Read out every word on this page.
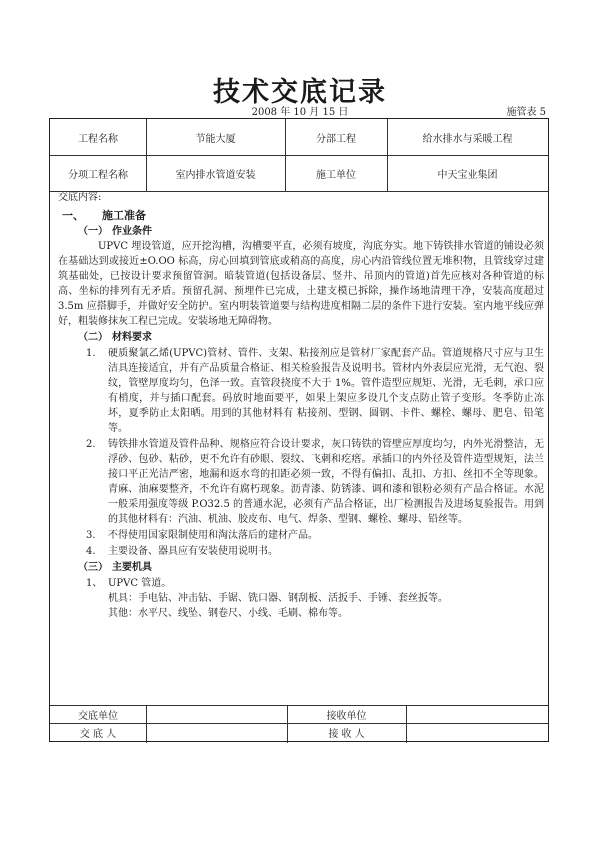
技术交底记录
2008 年 10 月 15 日	施管表 5
工程名称	节能大厦	分部工程	给水排水与采暖工程
分项工程名称	室内排水管道安装	施工单位	中天宝业集团
交底单位	接收单位
交 底 人	接 收 人

交底内容:

一、 施工准备
（一） 作业条件

UPVC 埋设管道，应开挖沟槽，沟槽要平直，必须有坡度，沟底夯实。地下铸铁排水管道的铺设必须在基础达到或接近±O.OO 标高，房心回填到管底或稍高的高度，房心内沿管线位置无堆积物，且管线穿过建筑基础处，已按设计要求预留管洞。暗装管道(包括设备层、竖井、吊顶内的管道)首先应核对各种管道的标高、坐标的排列有无矛盾。预留孔洞、预埋件已完成，土建支模已拆除，操作场地清理干净，安装高度超过 3.5m 应搭脚手，并做好安全防护。室内明装管道要与结构进度相隔二层的条件下进行安装。室内地平线应弹好，粗装修抹灰工程已完成。安装场地无障碍物。

（二） 材料要求
1.	硬质聚氯乙烯(UPVC)管材、管件、支架、粘接剂应是管材厂家配套产品。管道规格尺寸应与卫生洁具连接适宜，并有产品质量合格证、相关检验报告及说明书。管材内外表层应光滑，无气泡、裂纹，管壁厚度均匀，色泽一致。直管段挠度不大于 1%。管件造型应规矩、光滑，无毛刺，承口应有梢度，并与插口配套。码放时地面要平，如果上架应多设几个支点防止管子变形。冬季防止冻坏，夏季防止太阳晒。用到的其他材料有 粘接剂、型钢、圆钢、卡件、螺栓、螺母、肥皂、铅笔等。
2.	铸铁排水管道及管件品种、规格应符合设计要求，灰口铸铁的管壁应厚度均匀，内外光滑整洁，无浮砂、包砂、粘砂，更不允许有砂眼、裂纹、飞刺和疙瘩。承插口的内外径及管件造型规矩，法兰接口平正光洁严密，地漏和返水弯的扣距必须一致，不得有偏扣、乱扣、方扣、丝扣不全等现象。青麻、油麻要整齐，不允许有腐朽现象。沥青漆、防锈漆、调和漆和银粉必须有产品合格证。水泥一般采用强度等级 P.O32.5 的普通水泥，必须有产品合格证，出厂检测报告及进场复验报告。用到的其他材料有：汽油、机油、胶皮布、电气、焊条、型钢、螺栓、螺母、铅丝等。
3.	不得使用国家限制使用和淘汰落后的建材产品。
4.	主要设备、器具应有安装使用说明书。
（三） 主要机具
1、 UPVC 管道。

机具：手电钻、冲击钻、手锯、铣口器、钢刮板、活扳手、手锤、套丝扳等。

其他：水平尺、线坠、钢卷尺、小线、毛刷、棉布等。
